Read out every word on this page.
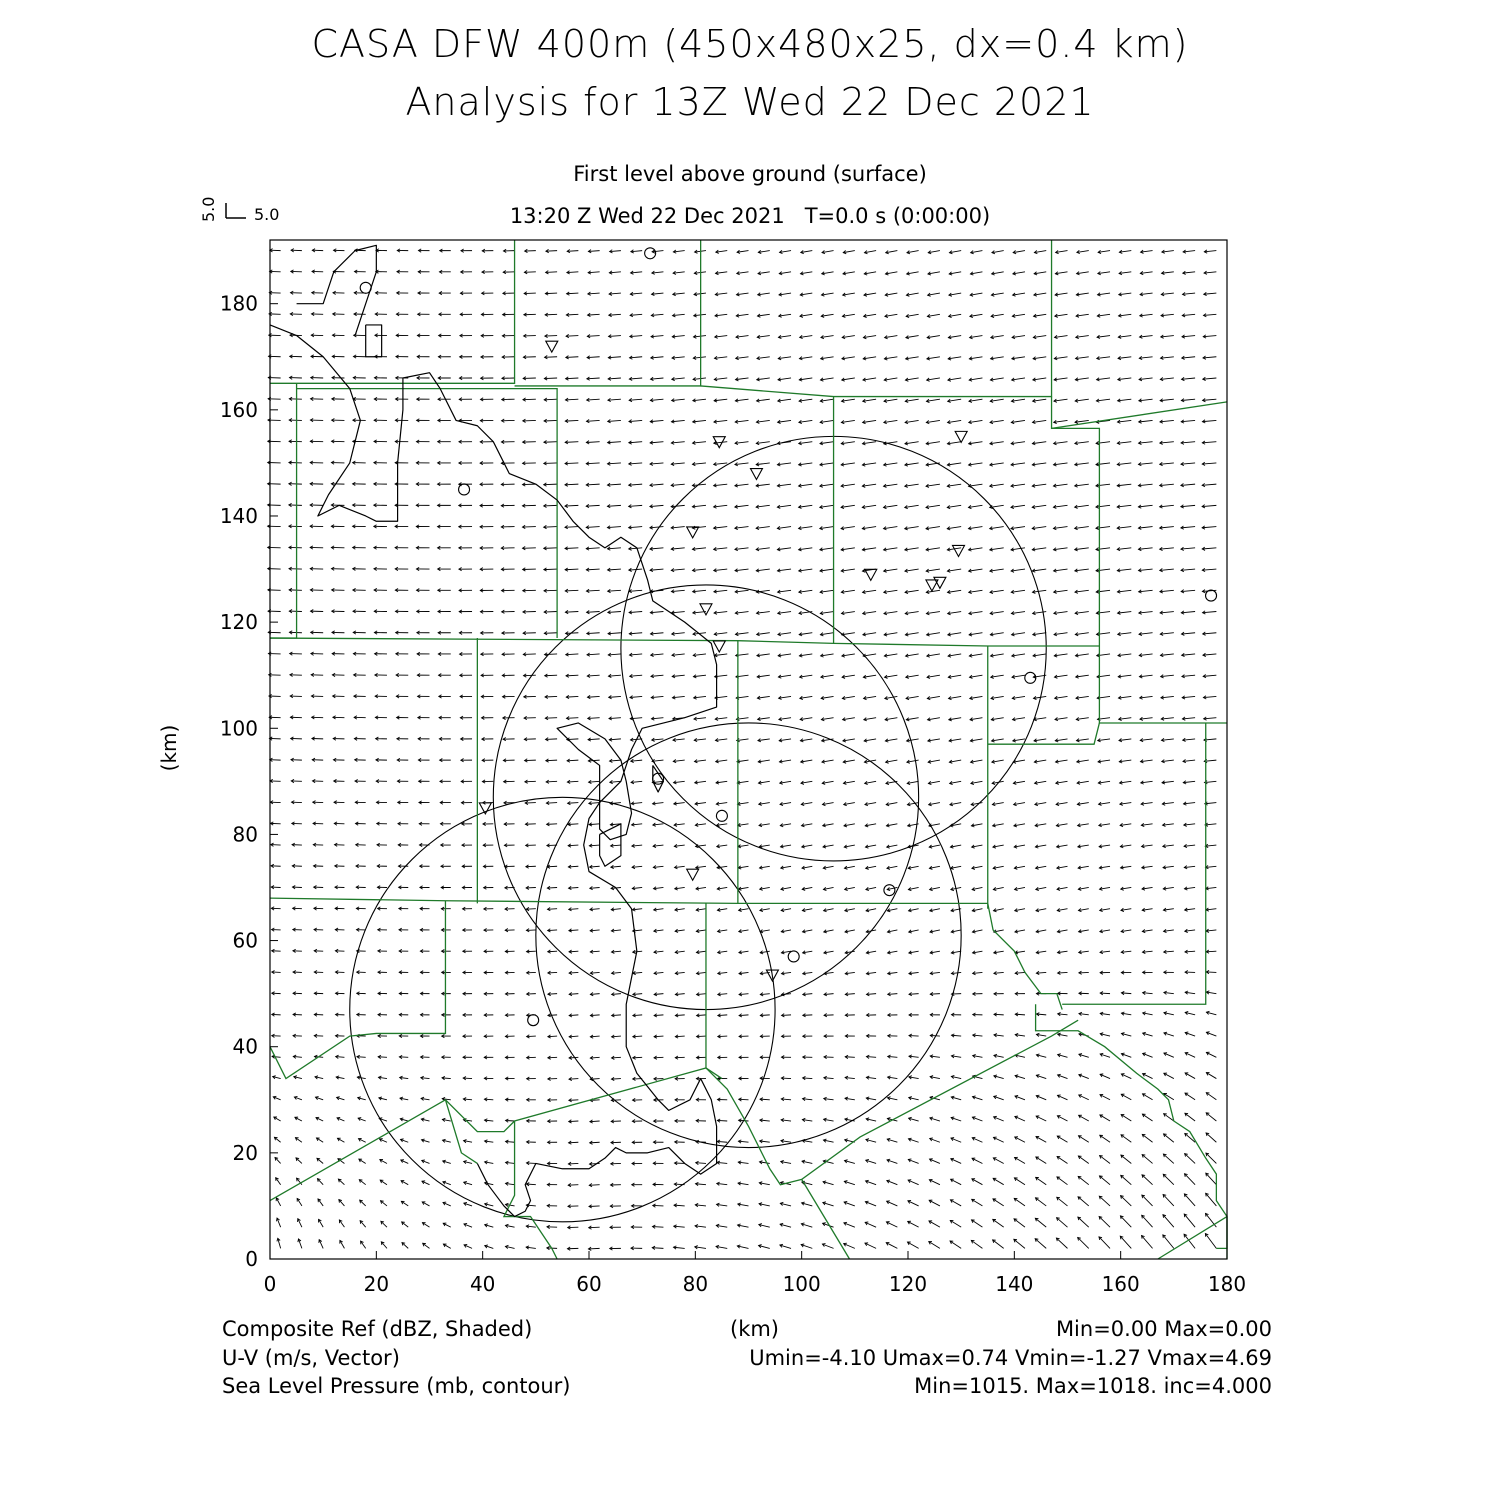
CASA DFW 400m (450x480x25, dx=0.4 km)
Analysis for 13Z Wed 22 Dec 2021
First level above ground (surface)
13:20 Z Wed 22 Dec 2021   T=0.0 s (0:00:00)
0	20	40	60	80	100	120	140	160	180
0
20
40
60
80
100
120
140
160
180
5.0
5.0
(km)
Composite Ref (dBZ, Shaded)
U-V (m/s, Vector)
Sea Level Pressure (mb, contour)
(km)	Min=0.00 Max=0.00
Umin=-4.10 Umax=0.74 Vmin=-1.27 Vmax=4.69
Min=1015. Max=1018. inc=4.000
